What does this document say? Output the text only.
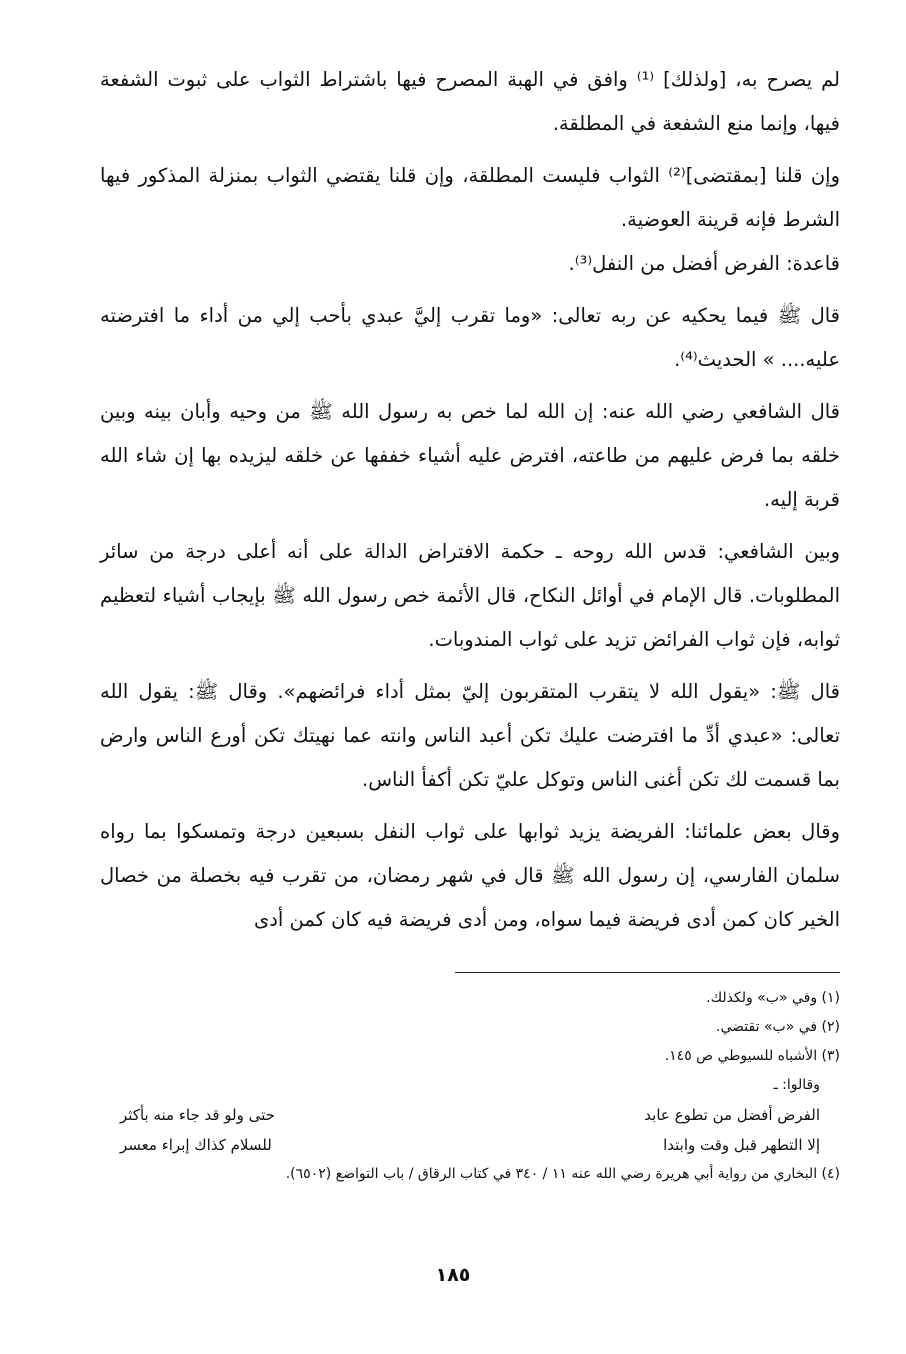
لم يصرح به، [ولذلك] ⁽¹⁾ وافق في الهبة المصرح فيها باشتراط الثواب على ثبوت الشفعة فيها، وإنما منع الشفعة في المطلقة.

وإن قلنا [بمقتضى]⁽²⁾ الثواب فليست المطلقة، وإن قلنا يقتضي الثواب بمنزلة المذكور فيها الشرط فإنه قرينة العوضية.

قاعدة: الفرض أفضل من النفل⁽³⁾.

قال ﷺ فيما يحكيه عن ربه تعالى: «وما تقرب إليَّ عبدي بأحب إلي من أداء ما افترضته عليه.... » الحديث⁽⁴⁾.

قال الشافعي رضي الله عنه: إن الله لما خص به رسول الله ﷺ من وحيه وأبان بينه وبين خلقه بما فرض عليهم من طاعته، افترض عليه أشياء خففها عن خلقه ليزيده بها إن شاء الله قربة إليه.

وبين الشافعي: قدس الله روحه ـ حكمة الافتراض الدالة على أنه أعلى درجة من سائر المطلوبات. قال الإمام في أوائل النكاح، قال الأئمة خص رسول الله ﷺ بإيجاب أشياء لتعظيم ثوابه، فإن ثواب الفرائض تزيد على ثواب المندوبات.

قال ﷺ: «يقول الله لا يتقرب المتقربون إليّ بمثل أداء فرائضهم». وقال ﷺ: يقول الله تعالى: «عبدي أدِّ ما افترضت عليك تكن أعبد الناس وانته عما نهيتك تكن أورع الناس وارض بما قسمت لك تكن أغنى الناس وتوكل عليّ تكن أكفأ الناس.

وقال بعض علمائنا: الفريضة يزيد ثوابها على ثواب النفل بسبعين درجة وتمسكوا بما رواه سلمان الفارسي، إن رسول الله ﷺ قال في شهر رمضان، من تقرب فيه بخصلة من خصال الخير كان كمن أدى فريضة فيما سواه، ومن أدى فريضة فيه كان كمن أدى

(١) وفي «ب» ولكذلك.

(٢) في «ب» تقتضي.

(٣) الأشباه للسيوطي ص ١٤٥.

وقالوا: ـ

الفرض أفضل من تطوع عابد
حتى ولو قد جاء منه بأكثر
إلا التطهر قبل وقت وابتدا
للسلام كذاك إبراء معسر

(٤) البخاري من رواية أبي هريرة رضي الله عنه ١١ / ٣٤٠ في كتاب الرقاق / باب التواضع (٦٥٠٢).

١٨٥
